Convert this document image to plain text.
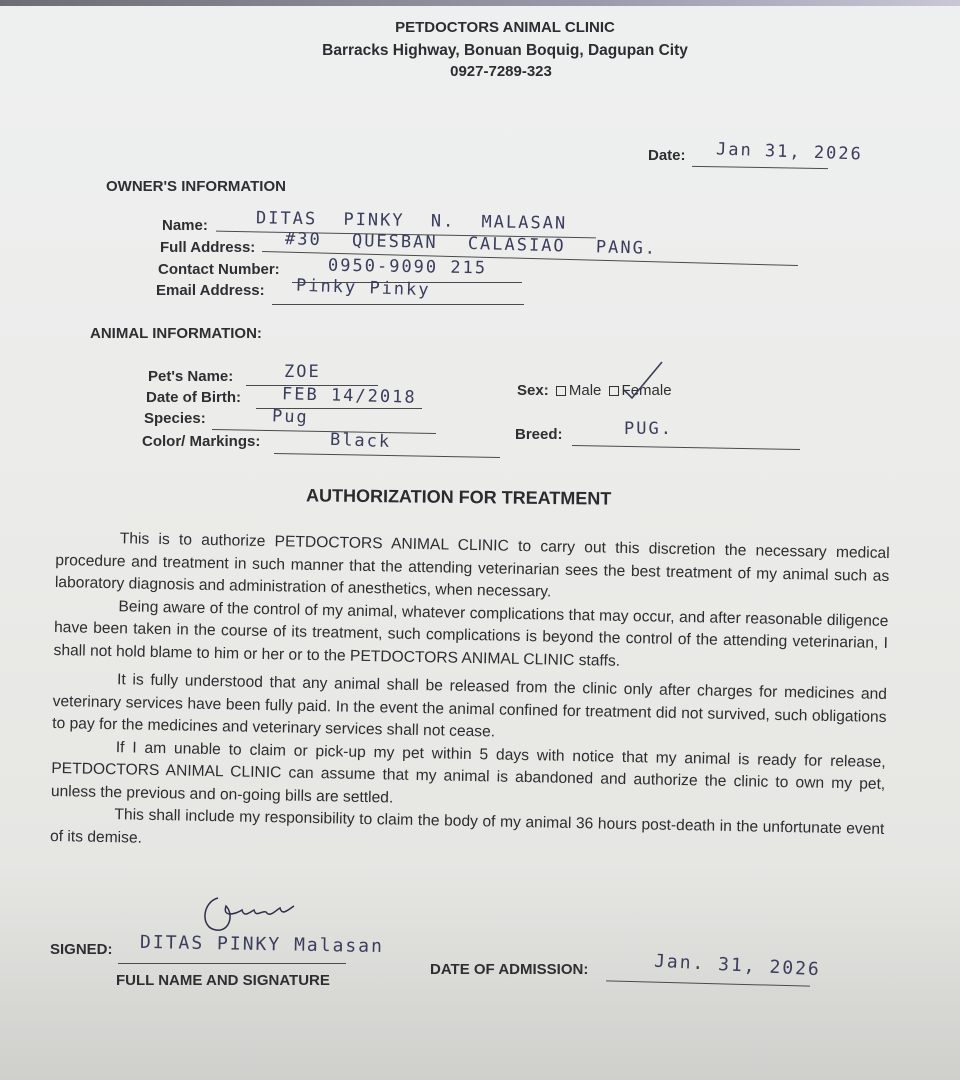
PETDOCTORS ANIMAL CLINIC
Barracks Highway, Bonuan Boquig, Dagupan City
0927-7289-323
Date: Jan 31, 2026
OWNER'S INFORMATION
Name:	DITAS PINKY N. MALASAN
Full Address: #30 QUESBAN CALASIAO PANG.
Contact Number:	0950-9090 215
Email Address: Pinky Pinky
ANIMAL INFORMATION:
Pet's Name:	ZOE
Date of Birth: FEB 14/2018
Species:	Pug
Color/ Markings:	Black
Sex: Male Female
Breed:	PUG.
AUTHORIZATION FOR TREATMENT

This is to authorize PETDOCTORS ANIMAL CLINIC to carry out this discretion the necessary medical procedure and treatment in such manner that the attending veterinarian sees the best treatment of my animal such as laboratory diagnosis and administration of anesthetics, when necessary.

Being aware of the control of my animal, whatever complications that may occur, and after reasonable diligence have been taken in the course of its treatment, such complications is beyond the control of the attending veterinarian, I shall not hold blame to him or her or to the PETDOCTORS ANIMAL CLINIC staffs.

It is fully understood that any animal shall be released from the clinic only after charges for medicines and veterinary services have been fully paid. In the event the animal confined for treatment did not survived, such obligations to pay for the medicines and veterinary services shall not cease.

If I am unable to claim or pick-up my pet within 5 days with notice that my animal is ready for release, PETDOCTORS ANIMAL CLINIC can assume that my animal is abandoned and authorize the clinic to own my pet, unless the previous and on-going bills are settled.

This shall include my responsibility to claim the body of my animal 36 hours post-death in the unfortunate event of its demise.

SIGNED: DITAS PINKY Malasan
FULL NAME AND SIGNATURE
DATE OF ADMISSION:	Jan. 31, 2026
